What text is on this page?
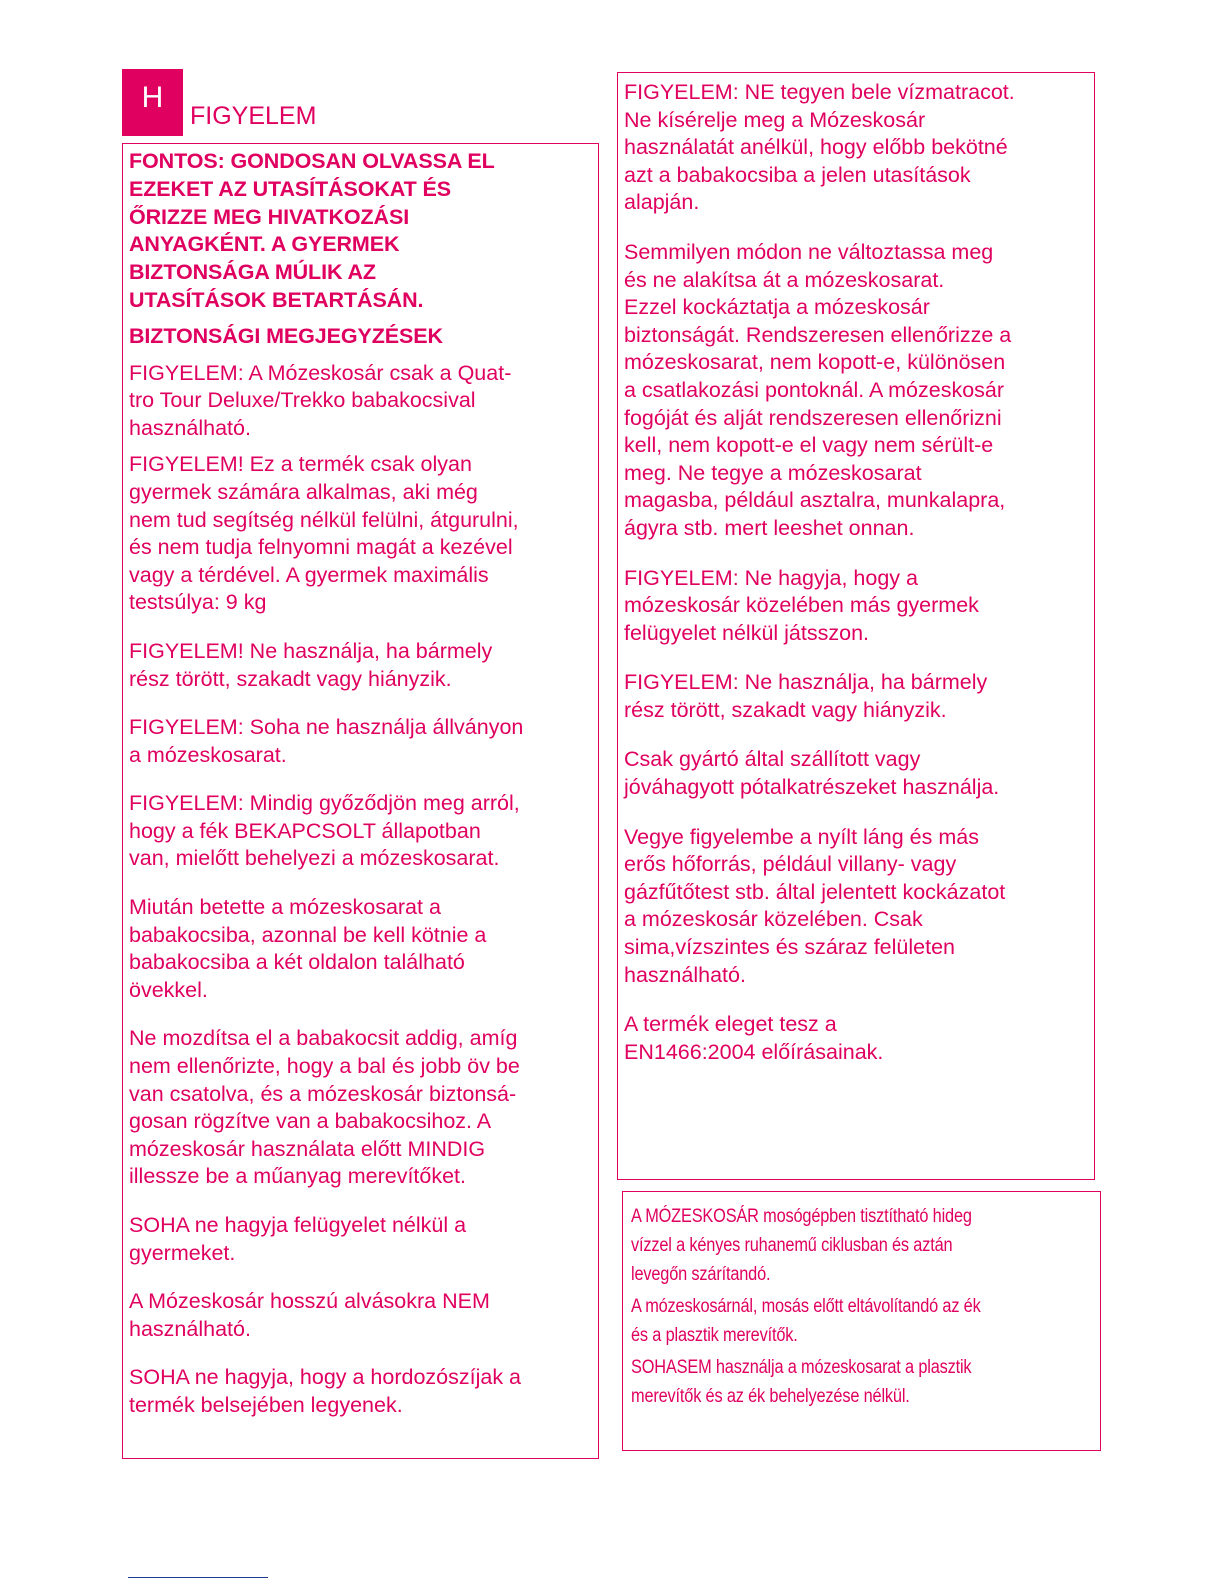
H
FIGYELEM

FONTOS: GONDOSAN OLVASSA EL
EZEKET AZ UTASÍTÁSOKAT ÉS
ŐRIZZE MEG HIVATKOZÁSI
ANYAGKÉNT. A GYERMEK
BIZTONSÁGA MÚLIK AZ
UTASÍTÁSOK BETARTÁSÁN.

BIZTONSÁGI MEGJEGYZÉSEK

FIGYELEM: A Mózeskosár csak a Quat-
tro Tour Deluxe/Trekko babakocsival
használható.

FIGYELEM! Ez a termék csak olyan
gyermek számára alkalmas, aki még
nem tud segítség nélkül felülni, átgurulni,
és nem tudja felnyomni magát a kezével
vagy a térdével. A gyermek maximális
testsúlya: 9 kg

FIGYELEM! Ne használja, ha bármely
rész törött, szakadt vagy hiányzik.

FIGYELEM: Soha ne használja állványon
a mózeskosarat.

FIGYELEM: Mindig győződjön meg arról,
hogy a fék BEKAPCSOLT állapotban
van, mielőtt behelyezi a mózeskosarat.

Miután betette a mózeskosarat a
babakocsiba, azonnal be kell kötnie a
babakocsiba a két oldalon található
övekkel.

Ne mozdítsa el a babakocsit addig, amíg
nem ellenőrizte, hogy a bal és jobb öv be
van csatolva, és a mózeskosár biztonsá-
gosan rögzítve van a babakocsihoz. A
mózeskosár használata előtt MINDIG
illessze be a műanyag merevítőket.

SOHA ne hagyja felügyelet nélkül a
gyermeket.

A Mózeskosár hosszú alvásokra NEM
használható.

SOHA ne hagyja, hogy a hordozószíjak a
termék belsejében legyenek.

FIGYELEM: NE tegyen bele vízmatracot.
Ne kísérelje meg a Mózeskosár
használatát anélkül, hogy előbb bekötné
azt a babakocsiba a jelen utasítások
alapján.

Semmilyen módon ne változtassa meg
és ne alakítsa át a mózeskosarat.
Ezzel kockáztatja a mózeskosár
biztonságát. Rendszeresen ellenőrizze a
mózeskosarat, nem kopott-e, különösen
a csatlakozási pontoknál. A mózeskosár
fogóját és alját rendszeresen ellenőrizni
kell, nem kopott-e el vagy nem sérült-e
meg. Ne tegye a mózeskosarat
magasba, például asztalra, munkalapra,
ágyra stb. mert leeshet onnan.

FIGYELEM: Ne hagyja, hogy a
mózeskosár közelében más gyermek
felügyelet nélkül játsszon.

FIGYELEM: Ne használja, ha bármely
rész törött, szakadt vagy hiányzik.

Csak gyártó által szállított vagy
jóváhagyott pótalkatrészeket használja.

Vegye figyelembe a nyílt láng és más
erős hőforrás, például villany- vagy
gázfűtőtest stb. által jelentett kockázatot
a mózeskosár közelében. Csak
sima,vízszintes és száraz felületen
használható.

A termék eleget tesz a
EN1466:2004 előírásainak.

A MÓZESKOSÁR mosógépben tisztítható hideg
vízzel a kényes ruhanemű ciklusban és aztán
levegőn szárítandó.

A mózeskosárnál, mosás előtt eltávolítandó az ék
és a plasztik merevítők.

SOHASEM használja a mózeskosarat a plasztik
merevítők és az ék behelyezése nélkül.
